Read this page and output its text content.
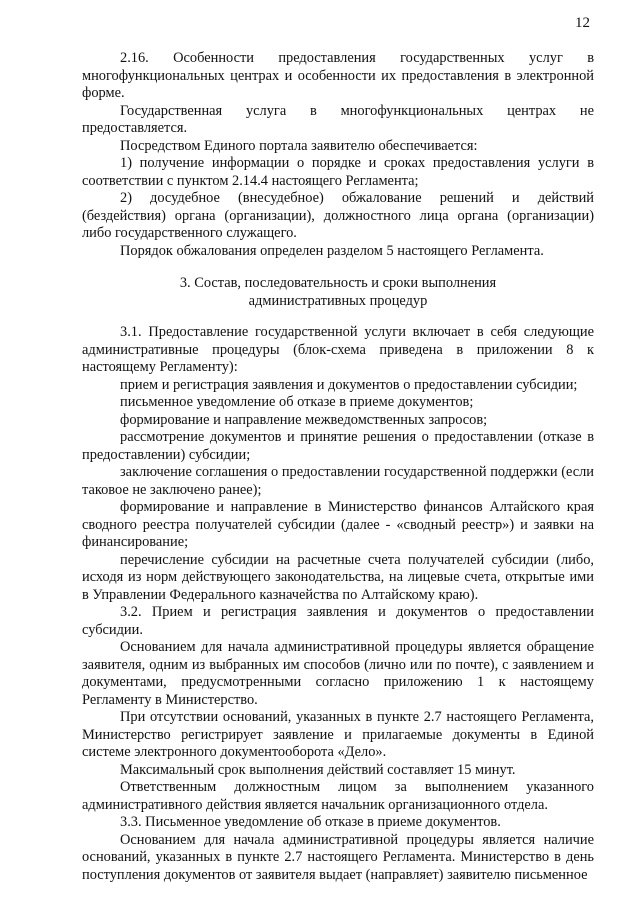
12

2.16. Особенности предоставления государственных услуг в многофункциональных центрах и особенности их предоставления в электронной форме.

Государственная услуга в многофункциональных центрах не предоставляется.

Посредством Единого портала заявителю обеспечивается:

1) получение информации о порядке и сроках предоставления услуги в соответствии с пунктом 2.14.4 настоящего Регламента;

2) досудебное (внесудебное) обжалование решений и действий (бездействия) органа (организации), должностного лица органа (организации) либо государственного служащего.

Порядок обжалования определен разделом 5 настоящего Регламента.

3. Состав, последовательность и сроки выполнения
административных процедур

3.1. Предоставление государственной услуги включает в себя следующие административные процедуры (блок-схема приведена в приложении 8 к настоящему Регламенту):

прием и регистрация заявления и документов о предоставлении субсидии;

письменное уведомление об отказе в приеме документов;

формирование и направление межведомственных запросов;

рассмотрение документов и принятие решения о предоставлении (отказе в предоставлении) субсидии;

заключение соглашения о предоставлении государственной поддержки (если таковое не заключено ранее);

формирование и направление в Министерство финансов Алтайского края сводного реестра получателей субсидии (далее - «сводный реестр») и заявки на финансирование;

перечисление субсидии на расчетные счета получателей субсидии (либо, исходя из норм действующего законодательства, на лицевые счета, открытые ими в Управлении Федерального казначейства по Алтайскому краю).

3.2. Прием и регистрация заявления и документов о предоставлении субсидии.

Основанием для начала административной процедуры является обращение заявителя, одним из выбранных им способов (лично или по почте), с заявлением и документами, предусмотренными согласно приложению 1 к настоящему Регламенту в Министерство.

При отсутствии оснований, указанных в пункте 2.7 настоящего Регламента, Министерство регистрирует заявление и прилагаемые документы в Единой системе электронного документооборота «Дело».

Максимальный срок выполнения действий составляет 15 минут.

Ответственным должностным лицом за выполнением указанного административного действия является начальник организационного отдела.

3.3. Письменное уведомление об отказе в приеме документов.

Основанием для начала административной процедуры является наличие оснований, указанных в пункте 2.7 настоящего Регламента. Министерство в день поступления документов от заявителя выдает (направляет) заявителю письменное
